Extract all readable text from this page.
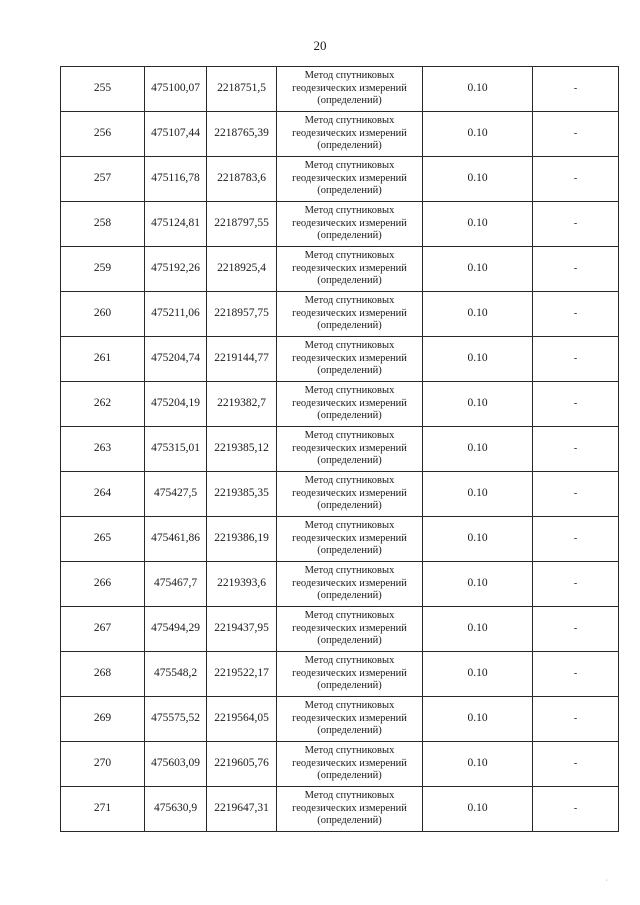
20
255	475100,07	2218751,5	Метод спутниковых
геодезических измерений
(определений)	0.10	-
256	475107,44	2218765,39	Метод спутниковых
геодезических измерений
(определений)	0.10	-
257	475116,78	2218783,6	Метод спутниковых
геодезических измерений
(определений)	0.10	-
258	475124,81	2218797,55	Метод спутниковых
геодезических измерений
(определений)	0.10	-
259	475192,26	2218925,4	Метод спутниковых
геодезических измерений
(определений)	0.10	-
260	475211,06	2218957,75	Метод спутниковых
геодезических измерений
(определений)	0.10	-
261	475204,74	2219144,77	Метод спутниковых
геодезических измерений
(определений)	0.10	-
262	475204,19	2219382,7	Метод спутниковых
геодезических измерений
(определений)	0.10	-
263	475315,01	2219385,12	Метод спутниковых
геодезических измерений
(определений)	0.10	-
264	475427,5	2219385,35	Метод спутниковых
геодезических измерений
(определений)	0.10	-
265	475461,86	2219386,19	Метод спутниковых
геодезических измерений
(определений)	0.10	-
266	475467,7	2219393,6	Метод спутниковых
геодезических измерений
(определений)	0.10	-
267	475494,29	2219437,95	Метод спутниковых
геодезических измерений
(определений)	0.10	-
268	475548,2	2219522,17	Метод спутниковых
геодезических измерений
(определений)	0.10	-
269	475575,52	2219564,05	Метод спутниковых
геодезических измерений
(определений)	0.10	-
270	475603,09	2219605,76	Метод спутниковых
геодезических измерений
(определений)	0.10	-
271	475630,9	2219647,31	Метод спутниковых
геодезических измерений
(определений)	0.10	-
˙
